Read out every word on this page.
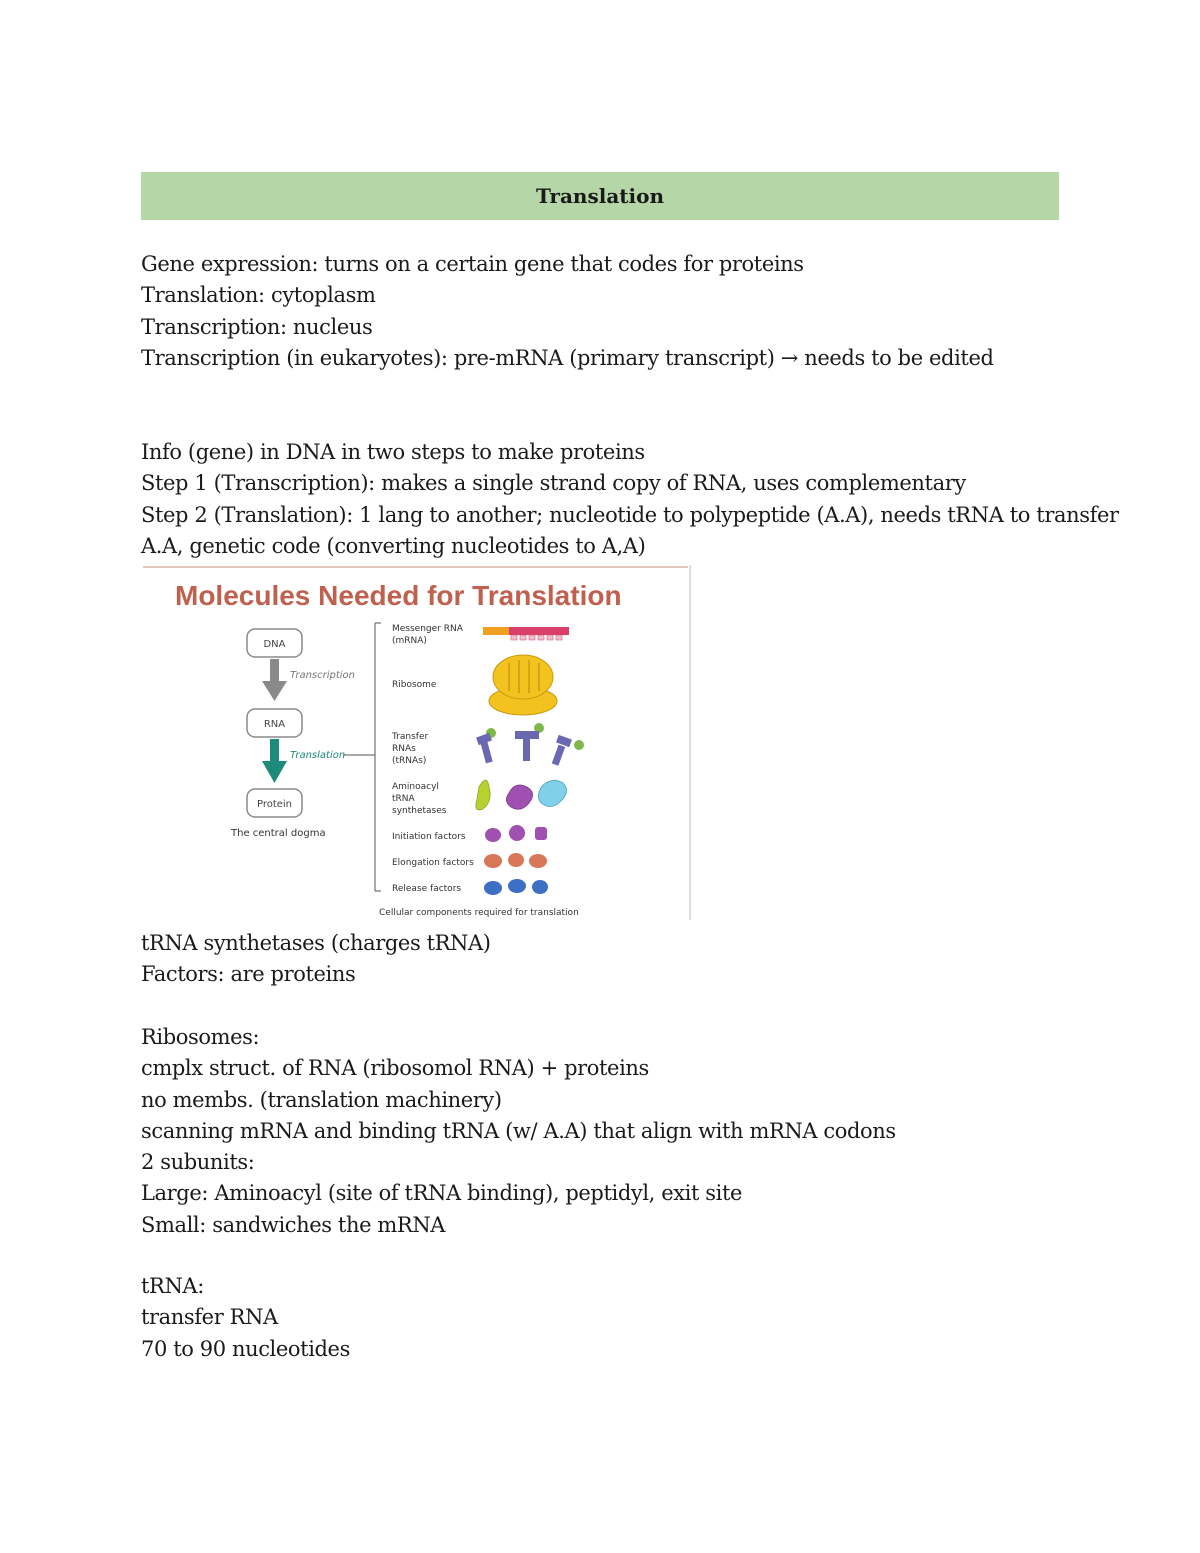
Translation
Gene expression: turns on a certain gene that codes for proteins
Translation: cytoplasm
Transcription: nucleus
Transcription (in eukaryotes): pre-mRNA (primary transcript) → needs to be edited
Info (gene) in DNA in two steps to make proteins
Step 1 (Transcription): makes a single strand copy of RNA, uses complementary
Step 2 (Translation): 1 lang to another; nucleotide to polypeptide (A.A), needs tRNA to transfer
A.A, genetic code (converting nucleotides to A,A)
Molecules Needed for Translation
DNA
Transcription
RNA
Translation
Protein
The central dogma
Messenger RNA
(mRNA)
Ribosome
Transfer
RNAs
(tRNAs)
Aminoacyl
tRNA
synthetases
Initiation factors
Elongation factors
Release factors
Cellular components required for translation
tRNA synthetases (charges tRNA)
Factors: are proteins
Ribosomes:
cmplx struct. of RNA (ribosomol RNA) + proteins
no membs. (translation machinery)
scanning mRNA and binding tRNA (w/ A.A) that align with mRNA codons
2 subunits:
Large: Aminoacyl (site of tRNA binding), peptidyl, exit site
Small: sandwiches the mRNA
tRNA:
transfer RNA
70 to 90 nucleotides
